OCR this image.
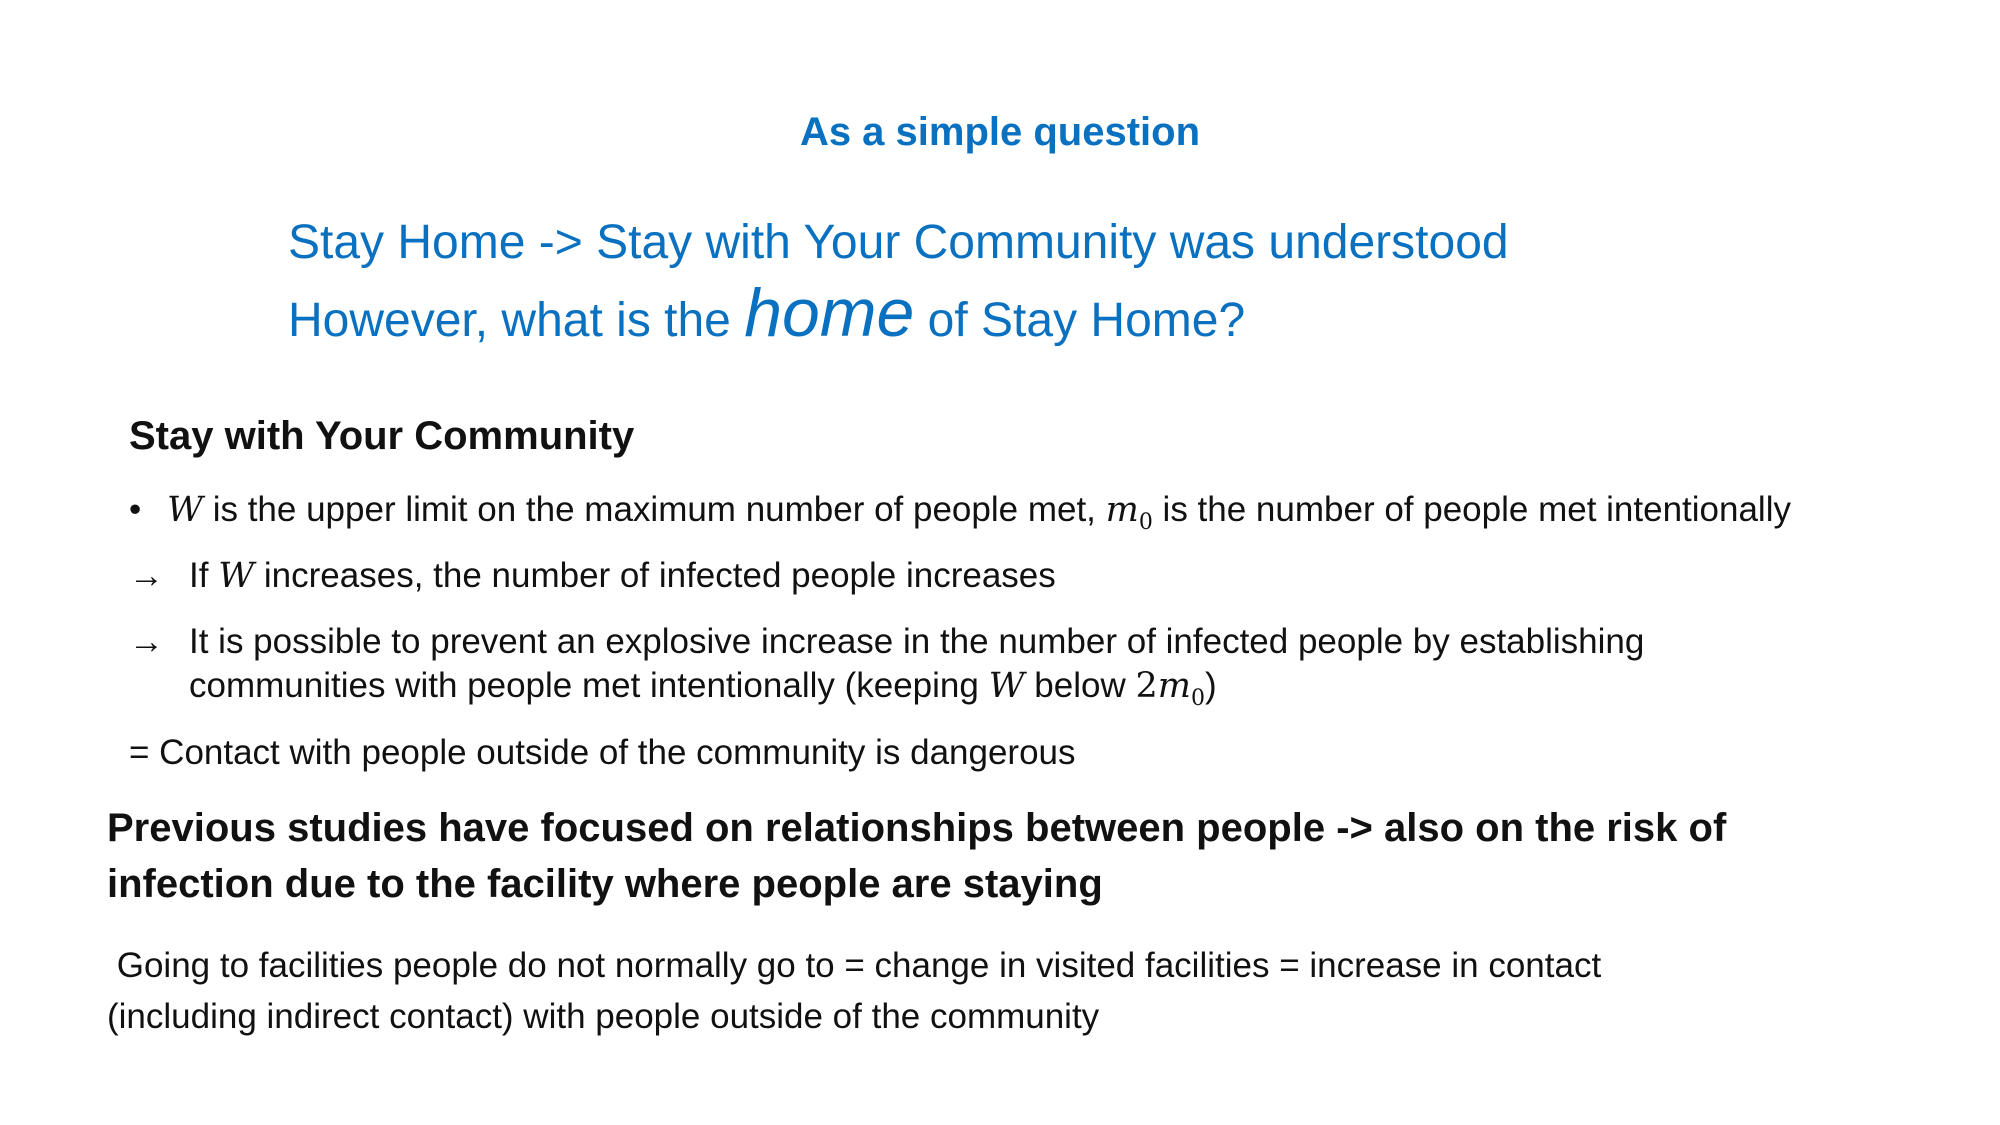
As a simple question
Stay Home -> Stay with Your Community was understood
However, what is the home of Stay Home?
Stay with Your Community
• W is the upper limit on the maximum number of people met, $m_0$ is the number of people met intentionally
→ If W increases, the number of infected people increases
→ It is possible to prevent an explosive increase in the number of infected people by establishing
communities with people met intentionally (keeping W below $2m_0$)
= Contact with people outside of the community is dangerous
Previous studies have focused on relationships between people -> also on the risk of
infection due to the facility where people are staying
Going to facilities people do not normally go to = change in visited facilities = increase in contact
(including indirect contact) with people outside of the community
